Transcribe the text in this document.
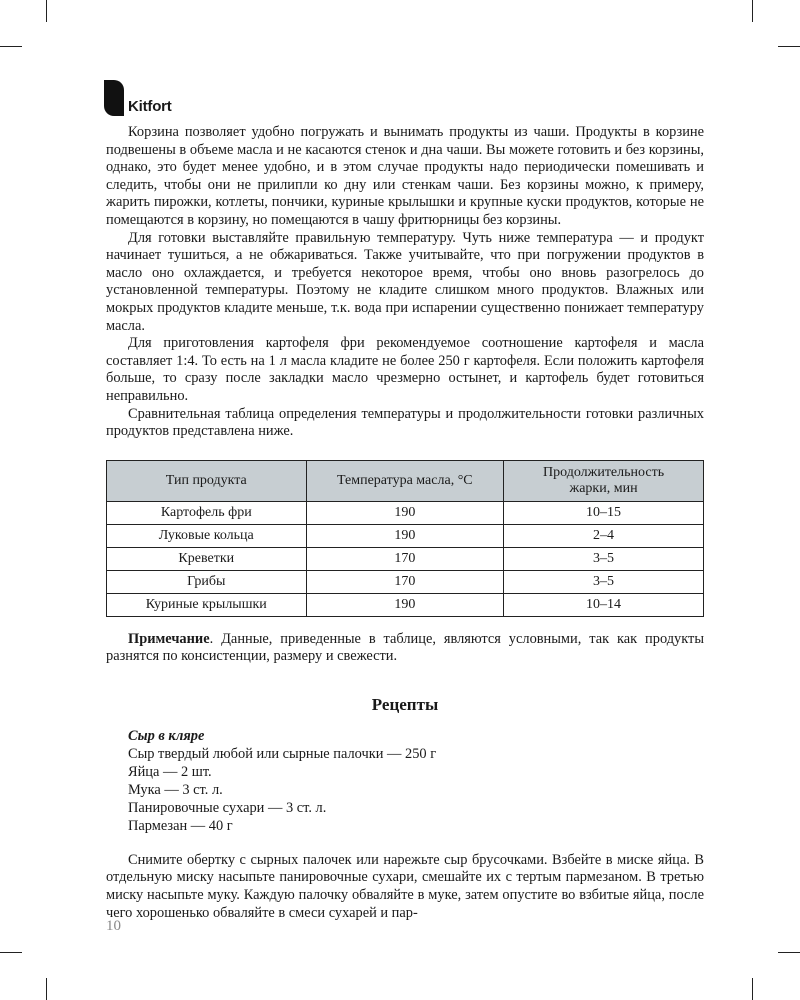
Kitfort

Корзина позволяет удобно погружать и вынимать продукты из чаши. Продукты в корзине подвешены в объеме масла и не касаются стенок и дна чаши. Вы можете готовить и без корзины, однако, это будет менее удобно, и в этом случае продукты надо периодически помешивать и следить, чтобы они не прилипли ко дну или стенкам чаши. Без корзины можно, к примеру, жарить пирожки, котлеты, пончики, куриные крылышки и крупные куски продуктов, которые не помещаются в корзину, но помещаются в чашу фритюрницы без корзины.

Для готовки выставляйте правильную температуру. Чуть ниже температура — и продукт начинает тушиться, а не обжариваться. Также учитывайте, что при погружении продуктов в масло оно охлаждается, и требуется некоторое время, чтобы оно вновь разогрелось до установленной температуры. Поэтому не кладите слишком много продуктов. Влажных или мокрых продуктов кладите меньше, т.к. вода при испарении существенно понижает температуру масла.

Для приготовления картофеля фри рекомендуемое соотношение картофеля и масла составляет 1:4. То есть на 1 л масла кладите не более 250 г картофеля. Если положить картофеля больше, то сразу после закладки масло чрезмерно остынет, и картофель будет готовиться неправильно.

Сравнительная таблица определения температуры и продолжительности готовки различных продуктов представлена ниже.

Тип продукта	Температура масла, °С	Продолжительность жарки, мин
Картофель фри	190	10–15
Луковые кольца	190	2–4
Креветки	170	3–5
Грибы	170	3–5
Куриные крылышки	190	10–14

Примечание. Данные, приведенные в таблице, являются условными, так как продукты разнятся по консистенции, размеру и свежести.

Рецепты
Сыр в кляре
Сыр твердый любой или сырные палочки — 250 г
Яйца — 2 шт.
Мука — 3 ст. л.
Панировочные сухари — 3 ст. л.
Пармезан — 40 г

Снимите обертку с сырных палочек или нарежьте сыр брусочками. Взбейте в миске яйца. В отдельную миску насыпьте панировочные сухари, смешайте их с тертым пармезаном. В третью миску насыпьте муку. Каждую палочку обваляйте в муке, затем опустите во взбитые яйца, после чего хорошенько обваляйте в смеси сухарей и пар-

10
